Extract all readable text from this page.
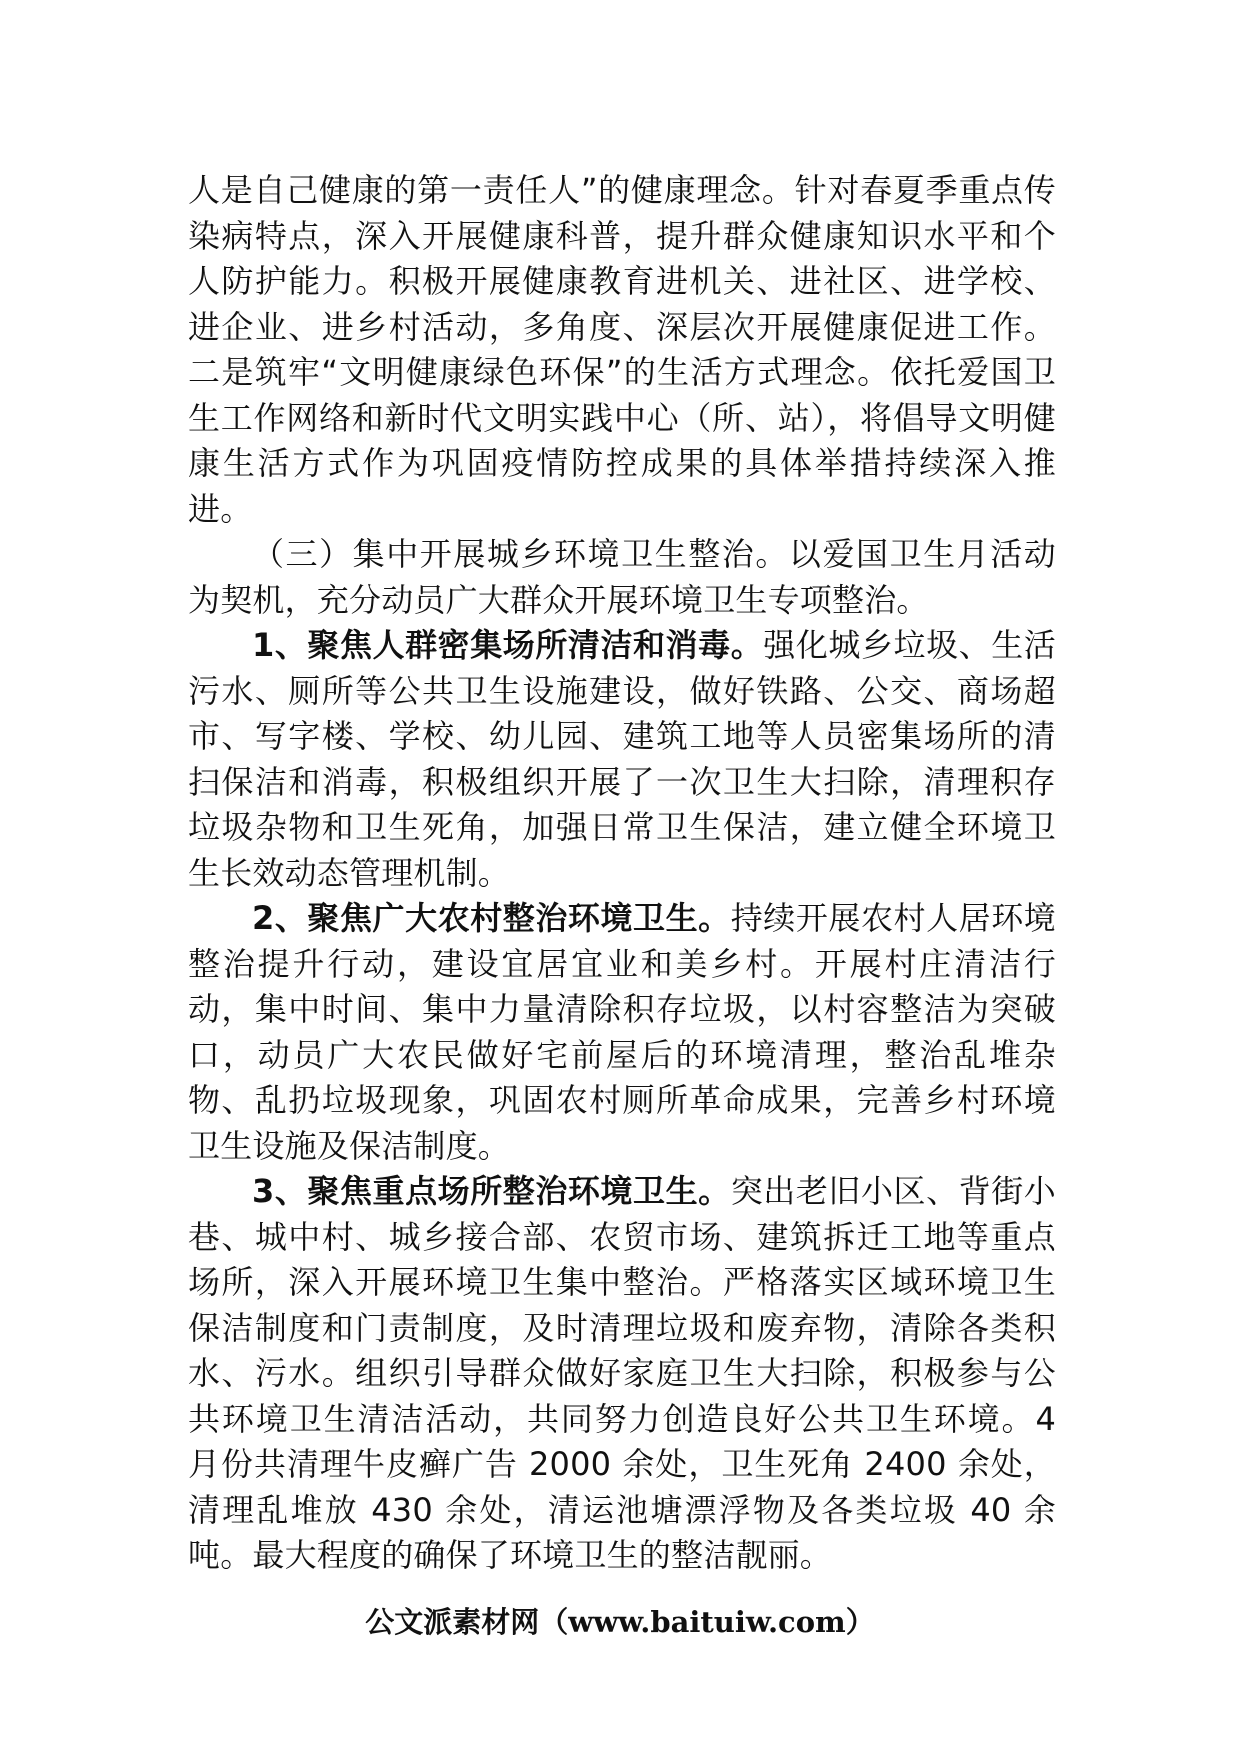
人是自己健康的第一责任人”的健康理念。针对春夏季重点传染病特点，深入开展健康科普，提升群众健康知识水平和个人防护能力。积极开展健康教育进机关、进社区、进学校、进企业、进乡村活动，多角度、深层次开展健康促进工作。二是筑牢“文明健康绿色环保”的生活方式理念。依托爱国卫生工作网络和新时代文明实践中心（所、站），将倡导文明健康生活方式作为巩固疫情防控成果的具体举措持续深入推进。

（三）集中开展城乡环境卫生整治。以爱国卫生月活动为契机，充分动员广大群众开展环境卫生专项整治。

1、聚焦人群密集场所清洁和消毒。强化城乡垃圾、生活污水、厕所等公共卫生设施建设，做好铁路、公交、商场超市、写字楼、学校、幼儿园、建筑工地等人员密集场所的清扫保洁和消毒，积极组织开展了一次卫生大扫除，清理积存垃圾杂物和卫生死角，加强日常卫生保洁，建立健全环境卫生长效动态管理机制。

2、聚焦广大农村整治环境卫生。持续开展农村人居环境整治提升行动，建设宜居宜业和美乡村。开展村庄清洁行动，集中时间、集中力量清除积存垃圾，以村容整洁为突破口，动员广大农民做好宅前屋后的环境清理，整治乱堆杂物、乱扔垃圾现象，巩固农村厕所革命成果，完善乡村环境卫生设施及保洁制度。

3、聚焦重点场所整治环境卫生。突出老旧小区、背街小巷、城中村、城乡接合部、农贸市场、建筑拆迁工地等重点场所，深入开展环境卫生集中整治。严格落实区域环境卫生保洁制度和门责制度，及时清理垃圾和废弃物，清除各类积水、污水。组织引导群众做好家庭卫生大扫除，积极参与公共环境卫生清洁活动，共同努力创造良好公共卫生环境。4 月份共清理牛皮癣广告 2000 余处，卫生死角 2400 余处，清理乱堆放 430 余处，清运池塘漂浮物及各类垃圾 40 余吨。最大程度的确保了环境卫生的整洁靓丽。

公文派素材网（www.baituiw.com）
